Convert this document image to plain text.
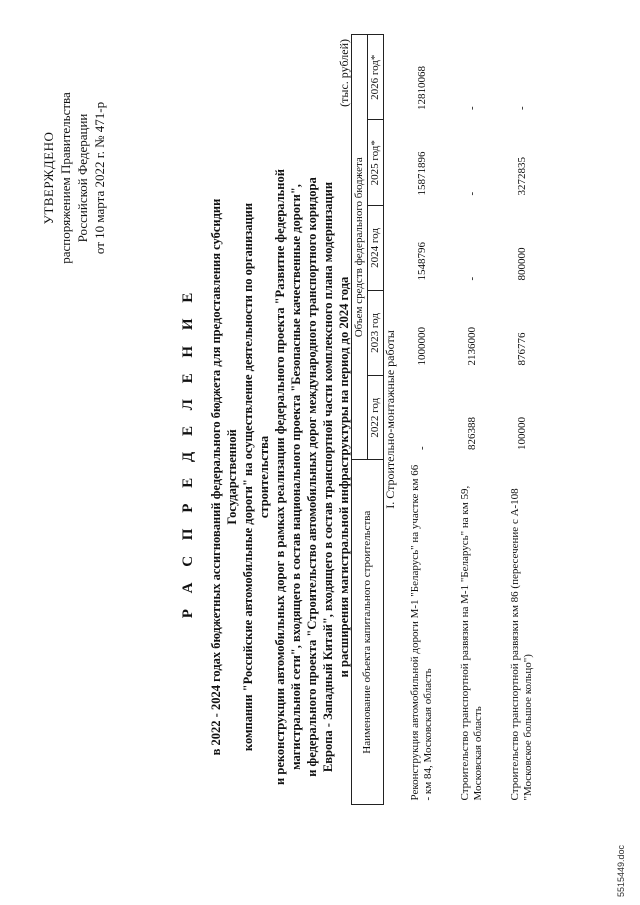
УТВЕРЖДЕНО распоряжением Правительства Российской Федерации от 10 марта 2022 г. № 471-р
Р А С П Р Е Д Е Л Е Н И Е в 2022 - 2024 годах бюджетных ассигнований федерального бюджета для предоставления субсидии Государственной компании "Российские автомобильные дороги" на осуществление деятельности по организации строительства и реконструкции автомобильных дорог в рамках реализации федерального проекта "Развитие федеральной магистральной сети", входящего в состав национального проекта "Безопасные качественные дороги", и федерального проекта "Строительство автомобильных дорог международного транспортного коридора Европа - Западный Китай", входящего в состав транспортной части комплексного плана модернизации и расширения магистральной инфраструктуры на период до 2024 года
(тыс. рублей)
Наименование объекта капитального строительства	Объем средств федерального бюджета				
	2022 год	2023 год	2024 год	2025 год*	2026 год*
I. Строительно-монтажные работы					
Реконструкция автомобильной дороги М-1 "Беларусь" на участке км 66 - км 84, Московская область	-	1000000	1548796	15871896	12810068
Строительство транспортной развязки на М-1 "Беларусь" на км 59, Московская область	826388	2136000	-	-	-
Строительство транспортной развязки км 86 (пересечение с А-108 "Московское большое кольцо")	100000	876776	800000	3272835	-
5515449.doc
